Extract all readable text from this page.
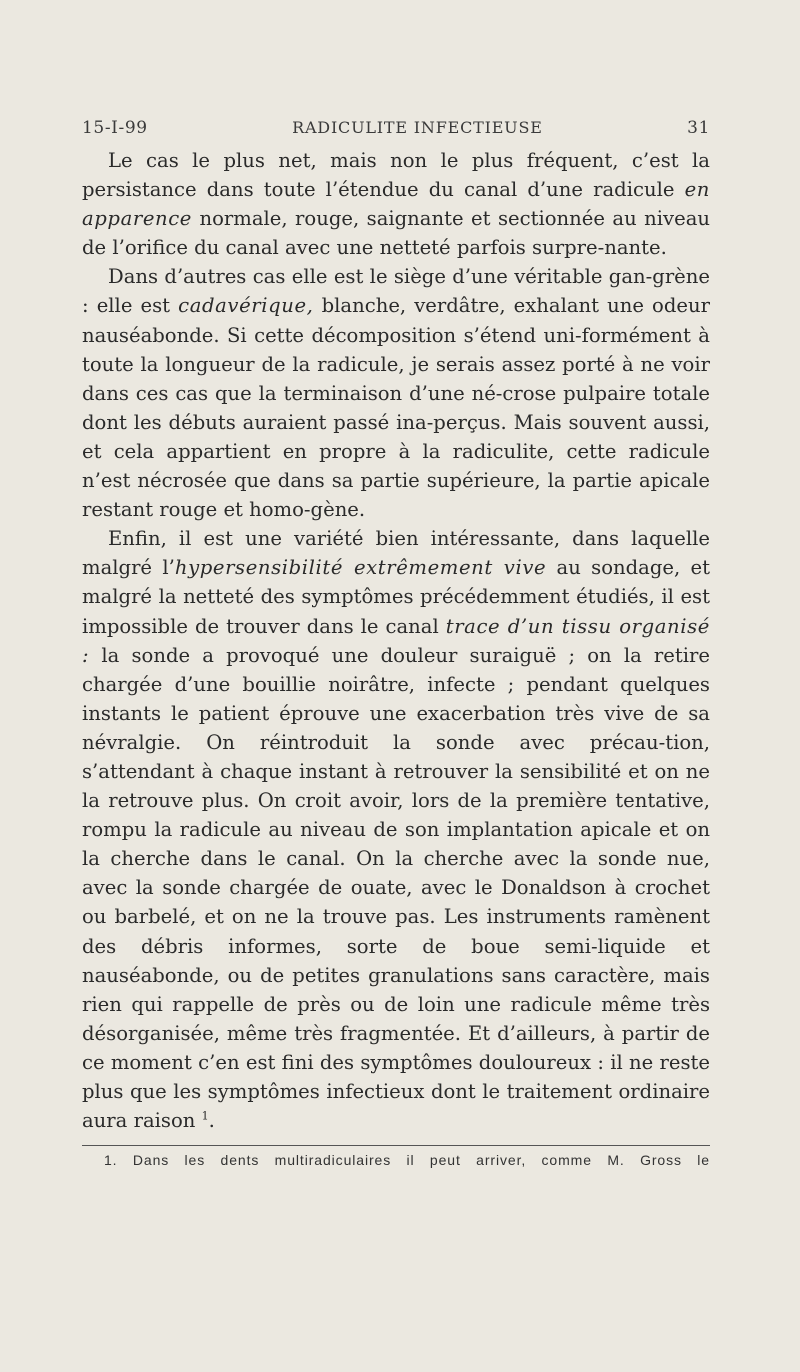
15-I-99	RADICULITE INFECTIEUSE	31

Le cas le plus net, mais non le plus fréquent, c’est la persistance dans toute l’étendue du canal d’une radicule en apparence normale, rouge, saignante et sectionnée au niveau de l’orifice du canal avec une netteté parfois surpre-nante.

Dans d’autres cas elle est le siège d’une véritable gan-grène : elle est cadavérique, blanche, verdâtre, exhalant une odeur nauséabonde. Si cette décomposition s’étend uni-formément à toute la longueur de la radicule, je serais assez porté à ne voir dans ces cas que la terminaison d’une né-crose pulpaire totale dont les débuts auraient passé ina-perçus. Mais souvent aussi, et cela appartient en propre à la radiculite, cette radicule n’est nécrosée que dans sa partie supérieure, la partie apicale restant rouge et homo-gène.

Enfin, il est une variété bien intéressante, dans laquelle malgré l’hypersensibilité extrêmement vive au sondage, et malgré la netteté des symptômes précédemment étudiés, il est impossible de trouver dans le canal trace d’un tissu organisé : la sonde a provoqué une douleur suraiguë ; on la retire chargée d’une bouillie noirâtre, infecte ; pendant quelques instants le patient éprouve une exacerbation très vive de sa névralgie. On réintroduit la sonde avec précau-tion, s’attendant à chaque instant à retrouver la sensibilité et on ne la retrouve plus. On croit avoir, lors de la première tentative, rompu la radicule au niveau de son implantation apicale et on la cherche dans le canal. On la cherche avec la sonde nue, avec la sonde chargée de ouate, avec le Donaldson à crochet ou barbelé, et on ne la trouve pas. Les instruments ramènent des débris informes, sorte de boue semi-liquide et nauséabonde, ou de petites granulations sans caractère, mais rien qui rappelle de près ou de loin une radicule même très désorganisée, même très fragmentée. Et d’ailleurs, à partir de ce moment c’en est fini des symptômes douloureux : il ne reste plus que les symptômes infectieux dont le traitement ordinaire aura raison $^1$.

1. Dans les dents multiradiculaires il peut arriver, comme M. Gross le
